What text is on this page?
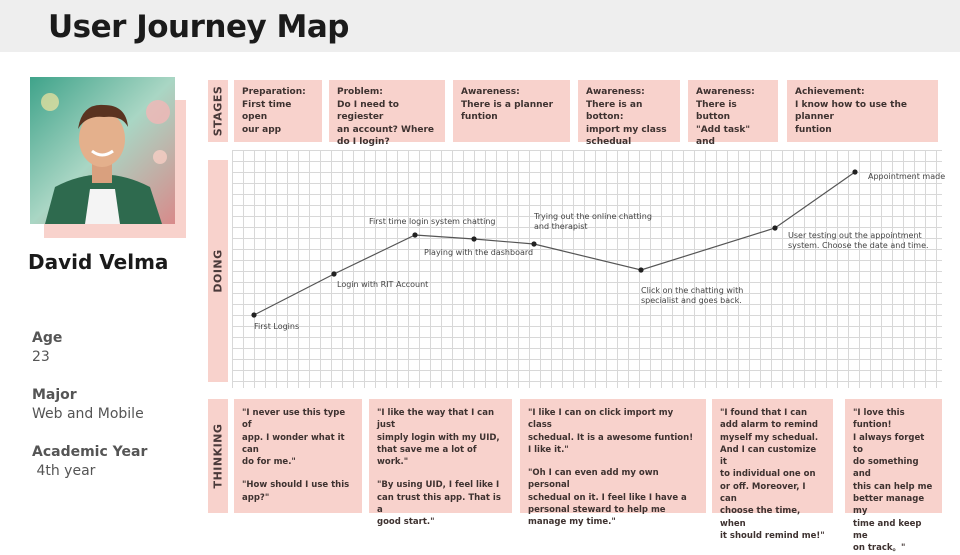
User Journey Map
David Velma
Age
23
Major
Web and Mobile
Academic Year
4th year
STAGES
DOING
THINKING
Preparation:
First time open
our app
Problem:
Do I need to regiester
an account? Where
do I login?
Awareness:
There is a planner
funtion
Awareness:
There is an botton:
import my class
schedual
Awareness:
There is button
"Add task" and

Achievement:
I know how to use the planner
funtion
First Logins
Login with RIT Account
First time login system chatting
Playing with the dashboard
Trying out the online chatting and therapist
Click on the chatting with specialist and goes back.
User testing out the appointment system. Choose the date and time.
Appointment made

"I never use this type of
app. I wonder what it can
do for me."

"How should I use this
app?"

"I like the way that I can just
simply login with my UID,
that save me a lot of work."

"By using UID, I feel like I
can trust this app. That is a
good start."

"I like I can on click import my class
schedual. It is a awesome funtion!
I like it."

"Oh I can even add my own personal
schedual on it. I feel like I have a
personal steward to help me
manage my time."

"I found that I can
add alarm to remind
myself my schedual.
And I can customize it
to individual one on
or off. Moreover, I can
choose the time, when
it should remind me!"

"I love this funtion!
I always forget to
do something and
this can help me
better manage my
time and keep me
on track。"
